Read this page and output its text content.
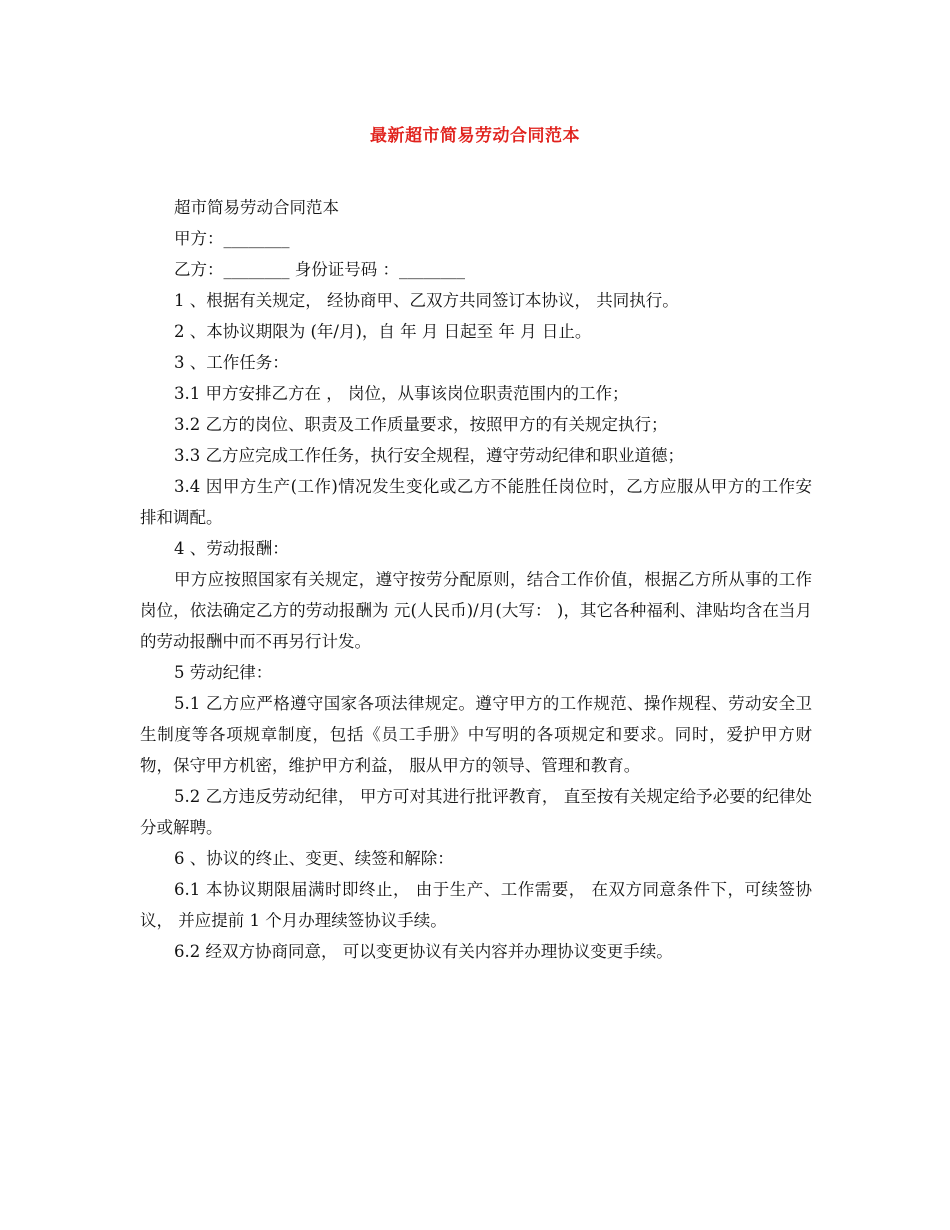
最新超市简易劳动合同范本

超市简易劳动合同范本

甲方：________

乙方：________ 身份证号码 ：________

1 、根据有关规定， 经协商甲、乙双方共同签订本协议， 共同执行。

2 、本协议期限为 (年/月)，自 年 月 日起至 年 月 日止。

3 、工作任务：

3.1 甲方安排乙方在 ， 岗位，从事该岗位职责范围内的工作；

3.2 乙方的岗位、职责及工作质量要求，按照甲方的有关规定执行；

3.3 乙方应完成工作任务，执行安全规程，遵守劳动纪律和职业道德；

3.4 因甲方生产(工作)情况发生变化或乙方不能胜任岗位时，乙方应服从甲方的工作安排和调配。

4 、劳动报酬：

甲方应按照国家有关规定，遵守按劳分配原则，结合工作价值，根据乙方所从事的工作岗位，依法确定乙方的劳动报酬为 元(人民币)/月(大写： )，其它各种福利、津贴均含在当月的劳动报酬中而不再另行计发。

5 劳动纪律：

5.1 乙方应严格遵守国家各项法律规定。遵守甲方的工作规范、操作规程、劳动安全卫生制度等各项规章制度，包括《员工手册》中写明的各项规定和要求。同时，爱护甲方财物，保守甲方机密，维护甲方利益， 服从甲方的领导、管理和教育。

5.2 乙方违反劳动纪律， 甲方可对其进行批评教育， 直至按有关规定给予必要的纪律处分或解聘。

6 、协议的终止、变更、续签和解除：

6.1 本协议期限届满时即终止， 由于生产、工作需要， 在双方同意条件下，可续签协议， 并应提前 1 个月办理续签协议手续。

6.2 经双方协商同意， 可以变更协议有关内容并办理协议变更手续。
